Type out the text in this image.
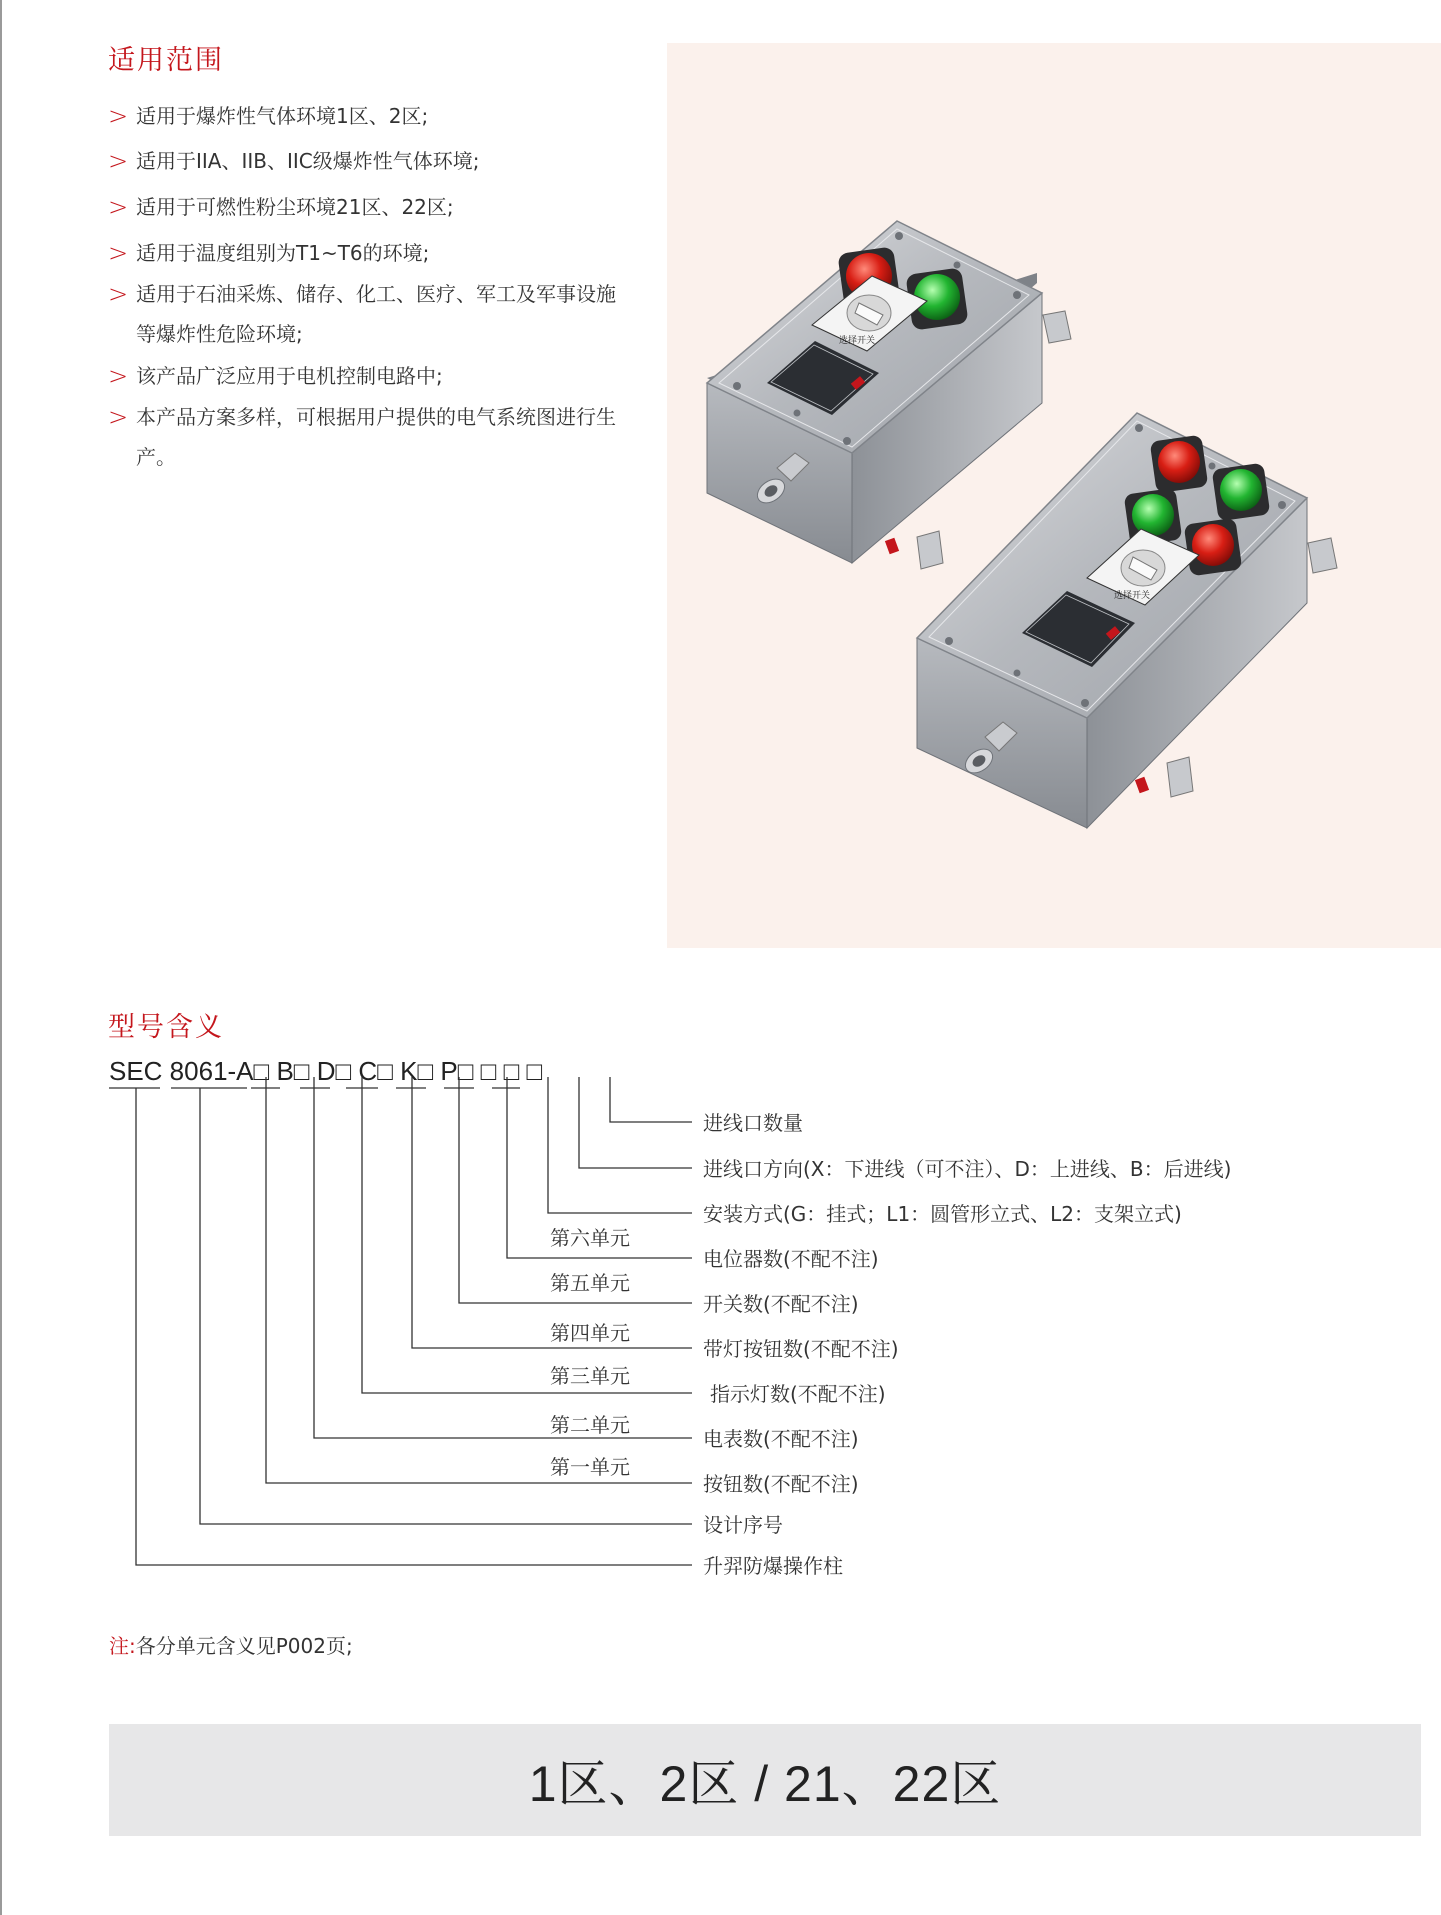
适用范围
> 适用于爆炸性气体环境1区、2区;
> 适用于IIA、IIB、IIC级爆炸性气体环境;
> 适用于可燃性粉尘环境21区、22区;
> 适用于温度组别为T1~T6的环境;
> 适用于石油采炼、储存、化工、医疗、军工及军事设施等爆炸性危险环境;
> 该产品广泛应用于电机控制电路中;
> 本产品方案多样，可根据用户提供的电气系统图进行生产。
选择开关
选择开关
型号含义
SEC 8061-A□ B□ D□ C□ K□ P□ □ □ □
进线口数量
进线口方向(X：下进线（可不注）、D：上进线、B：后进线)
安装方式(G：挂式；L1：圆管形立式、L2：支架立式)
电位器数(不配不注)
开关数(不配不注)
带灯按钮数(不配不注)
指示灯数(不配不注)
电表数(不配不注)
按钮数(不配不注)
设计序号
升羿防爆操作柱
第六单元
第五单元
第四单元
第三单元
第二单元
第一单元
注:各分单元含义见P002页;
1区、2区 / 21、22区
